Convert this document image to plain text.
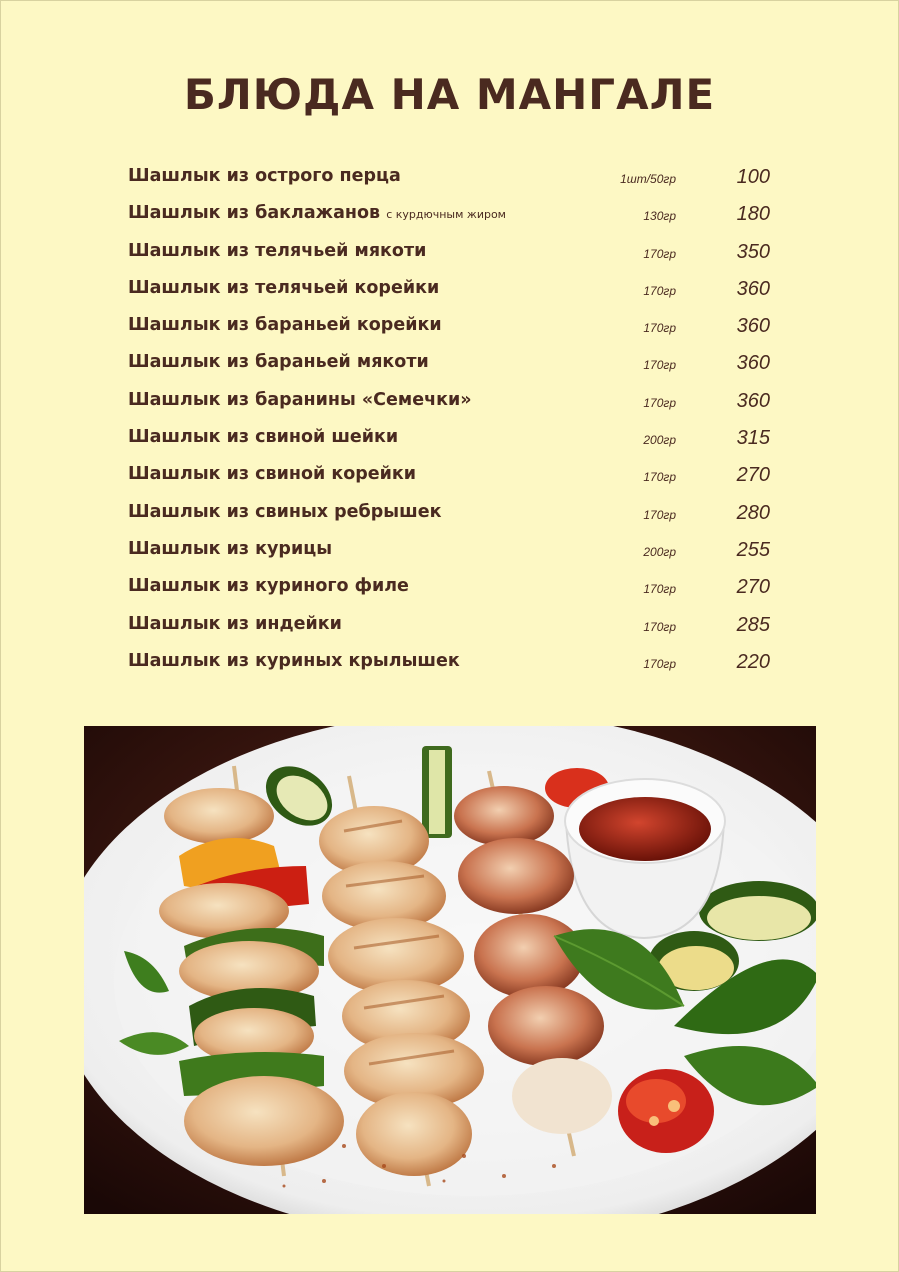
БЛЮДА НА МАНГАЛЕ
Шашлык из острого перца	1шт/50гр	100
Шашлык из баклажанов с курдючным жиром	130гр	180
Шашлык из телячьей мякоти	170гр	350
Шашлык из телячьей корейки	170гр	360
Шашлык из бараньей корейки	170гр	360
Шашлык из бараньей мякоти	170гр	360
Шашлык из баранины «Семечки»	170гр	360
Шашлык из свиной шейки	200гр	315
Шашлык из свиной корейки	170гр	270
Шашлык из свиных ребрышек	170гр	280
Шашлык из курицы	200гр	255
Шашлык из куриного филе	170гр	270
Шашлык из индейки	170гр	285
Шашлык из куриных крылышек	170гр	220
